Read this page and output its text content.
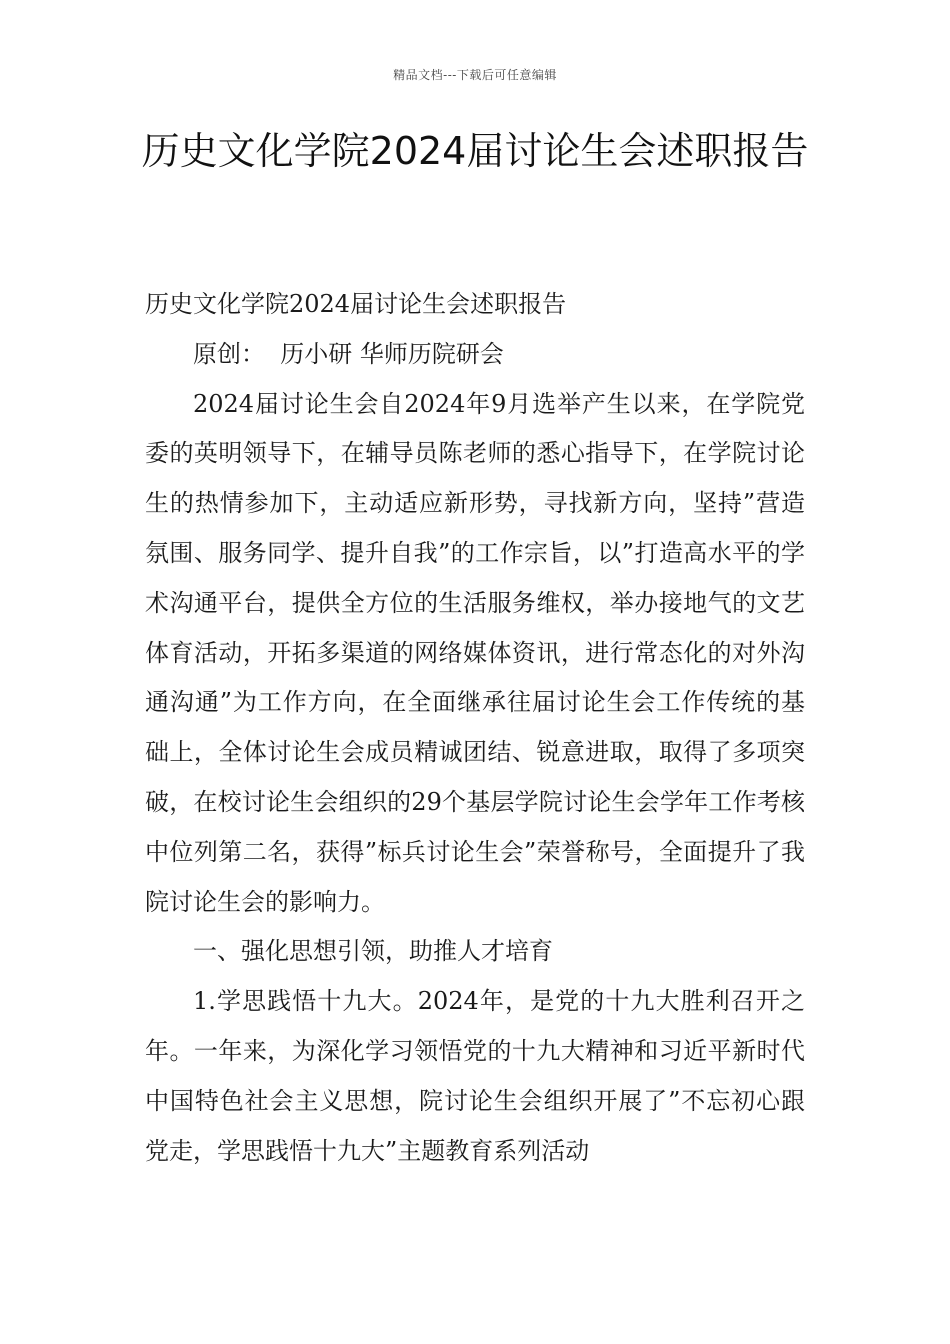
精品文档---下载后可任意编辑
历史文化学院2024届讨论生会述职报告

历史文化学院2024届讨论生会述职报告

原创： 历小研 华师历院研会

2024届讨论生会自2024年9月选举产生以来，在学院党委的英明领导下，在辅导员陈老师的悉心指导下，在学院讨论生的热情参加下，主动适应新形势，寻找新方向，坚持”营造氛围、服务同学、提升自我”的工作宗旨，以”打造高水平的学术沟通平台，提供全方位的生活服务维权，举办接地气的文艺体育活动，开拓多渠道的网络媒体资讯，进行常态化的对外沟通沟通”为工作方向，在全面继承往届讨论生会工作传统的基础上，全体讨论生会成员精诚团结、锐意进取，取得了多项突破，在校讨论生会组织的29个基层学院讨论生会学年工作考核中位列第二名，获得”标兵讨论生会”荣誉称号，全面提升了我院讨论生会的影响力。

一、强化思想引领，助推人才培育

1.学思践悟十九大。2024年，是党的十九大胜利召开之年。一年来，为深化学习领悟党的十九大精神和习近平新时代中国特色社会主义思想，院讨论生会组织开展了”不忘初心跟党走，学思践悟十九大”主题教育系列活动
